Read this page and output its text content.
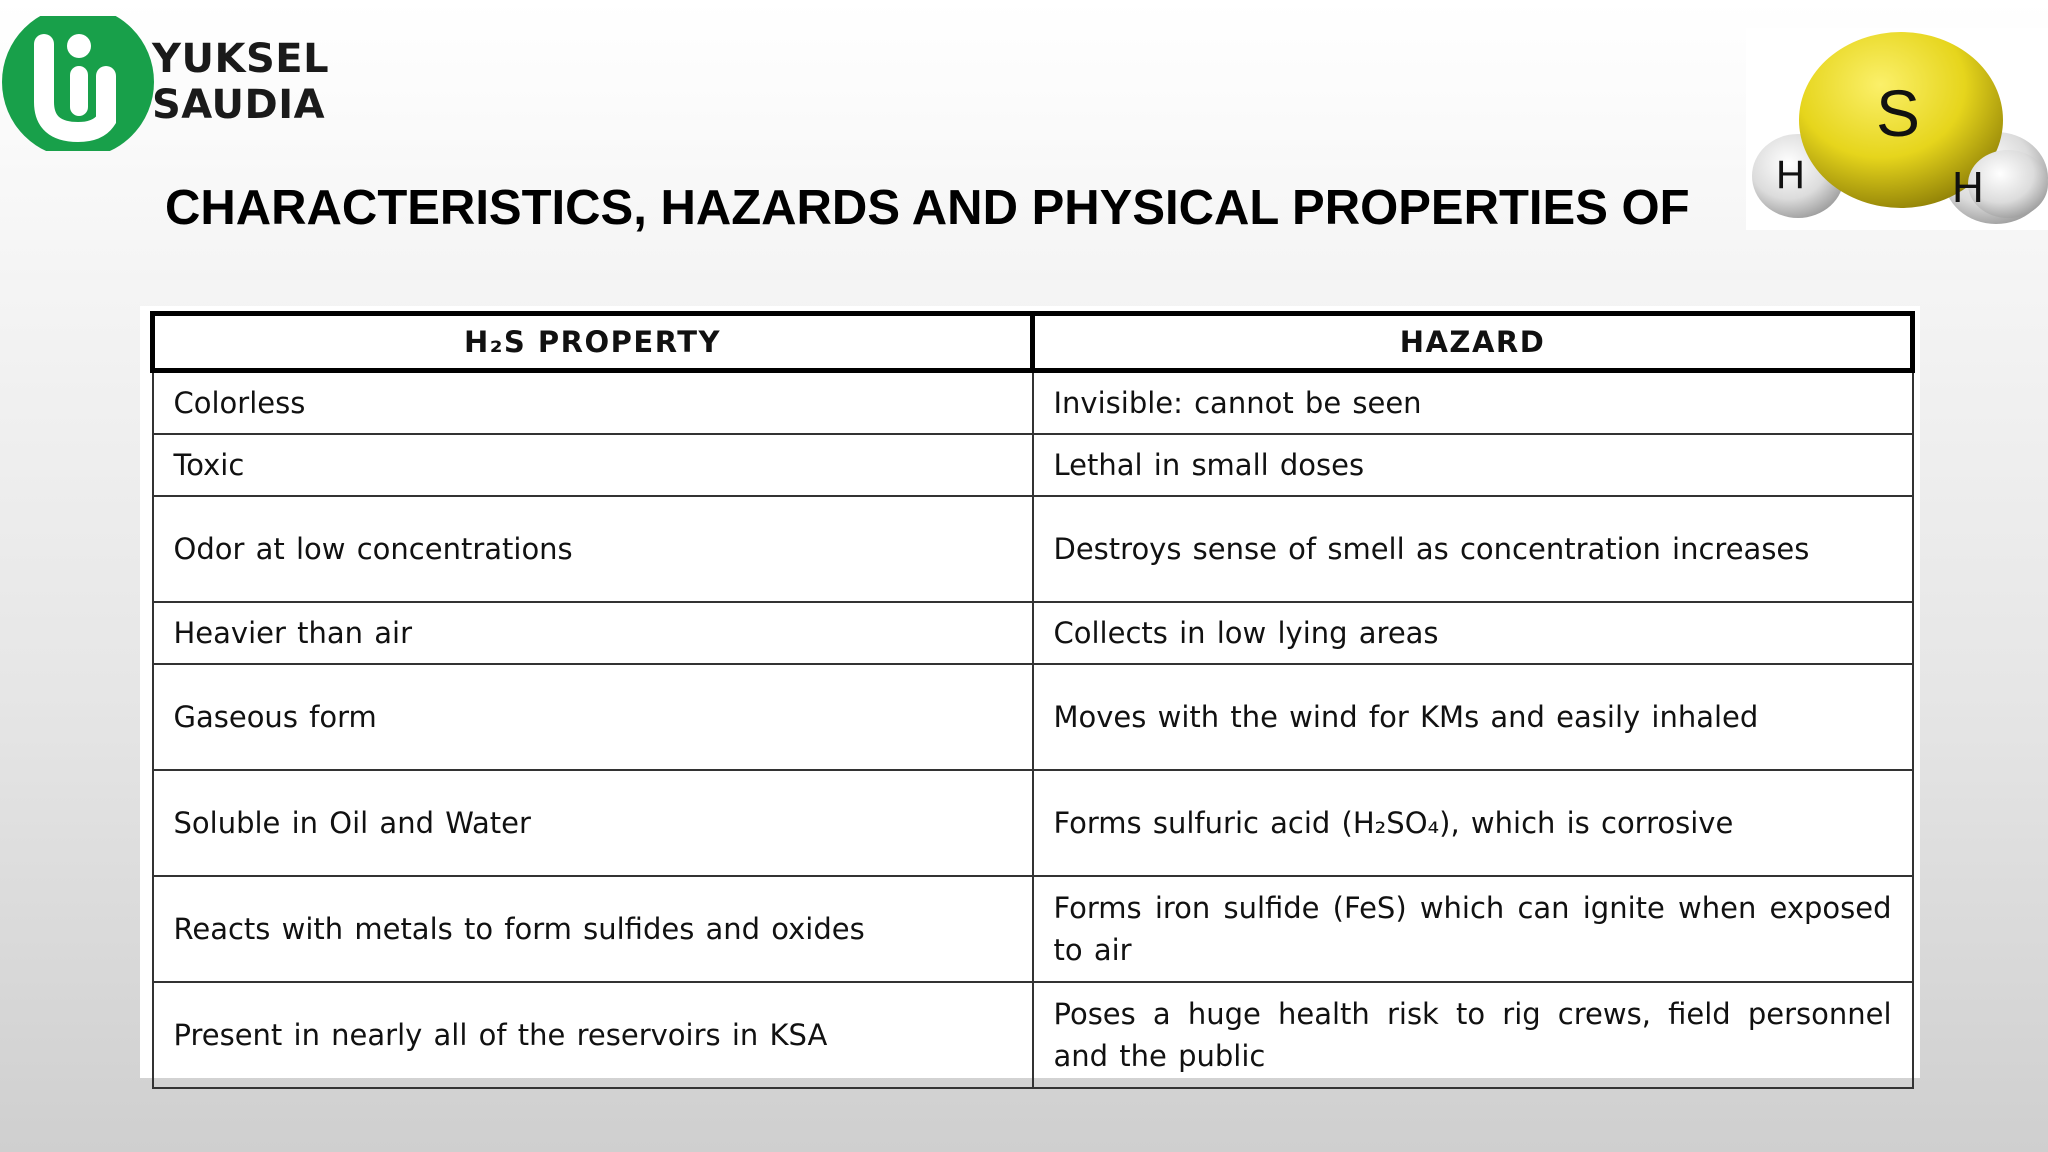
YUKSEL
SAUDIA
CHARACTERISTICS, HAZARDS AND PHYSICAL PROPERTIES OF
S
H	H
H₂S PROPERTY	HAZARD
Colorless	Invisible: cannot be seen
Toxic	Lethal in small doses
Odor at low concentrations	Destroys sense of smell as concentration increases
Heavier than air	Collects in low lying areas
Gaseous form	Moves with the wind for KMs and easily inhaled
Soluble in Oil and Water	Forms sulfuric acid (H₂SO₄), which is corrosive
Reacts with metals to form sulfides and oxides	Forms iron sulfide (FeS) which can ignite when exposed to air
Present in nearly all of the reservoirs in KSA	Poses a huge health risk to rig crews, field personnel and the public
